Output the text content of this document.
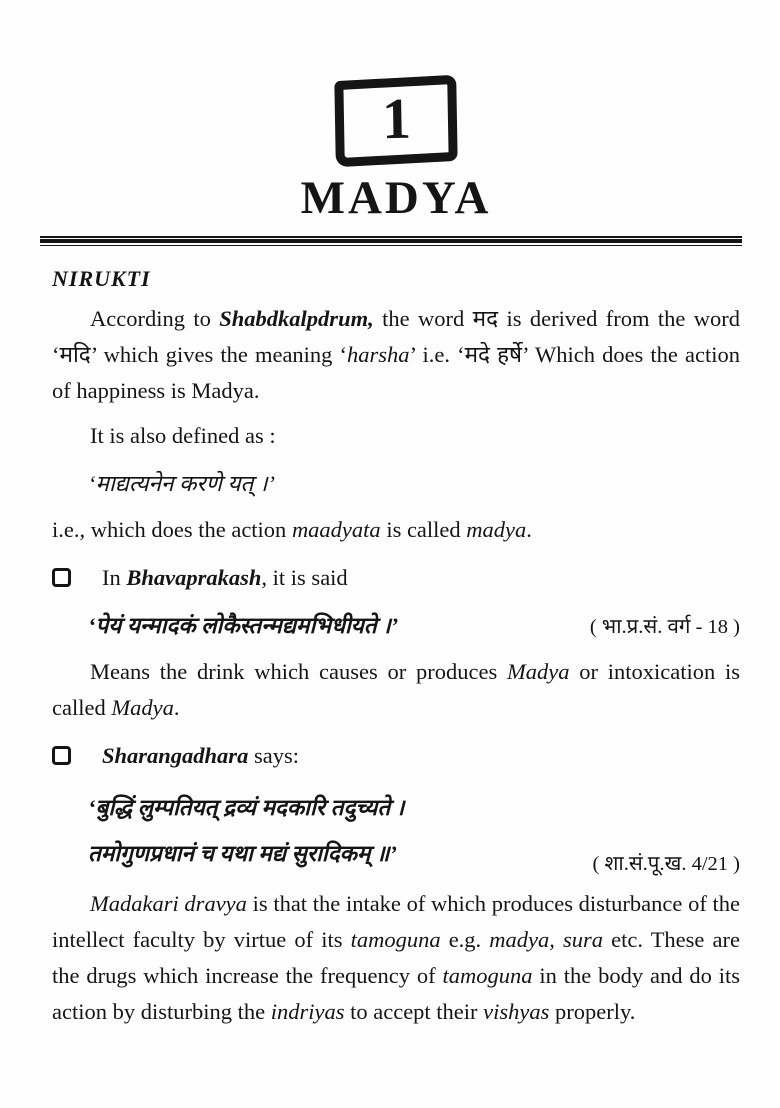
1
MADYA
NIRUKTI

According to Shabdkalpdrum, the word मद is derived from the word ‘मदि’ which gives the meaning ‘harsha’ i.e. ‘मदे हर्षे’ Which does the action of happiness is Madya.

It is also defined as :

‘माद्यत्यनेन करणे यत् ।’

i.e., which does the action maadyata is called madya.

In Bhavaprakash, it is said
‘पेयं यन्मादकं लोकैस्तन्मद्यमभिधीयते ।’	( भा.प्र.सं. वर्ग - 18 )

Means the drink which causes or produces Madya or intoxication is called Madya.

Sharangadhara says:
‘बुद्धिं लुम्पतियत् द्रव्यं मदकारि तदुच्यते ।
तमोगुणप्रधानं च यथा मद्यं सुरादिकम् ॥’	( शा.सं.पू.ख. 4/21 )

Madakari dravya is that the intake of which produces disturbance of the intellect faculty by virtue of its tamoguna e.g. madya, sura etc. These are the drugs which increase the frequency of tamoguna in the body and do its action by disturbing the indriyas to accept their vishyas properly.
